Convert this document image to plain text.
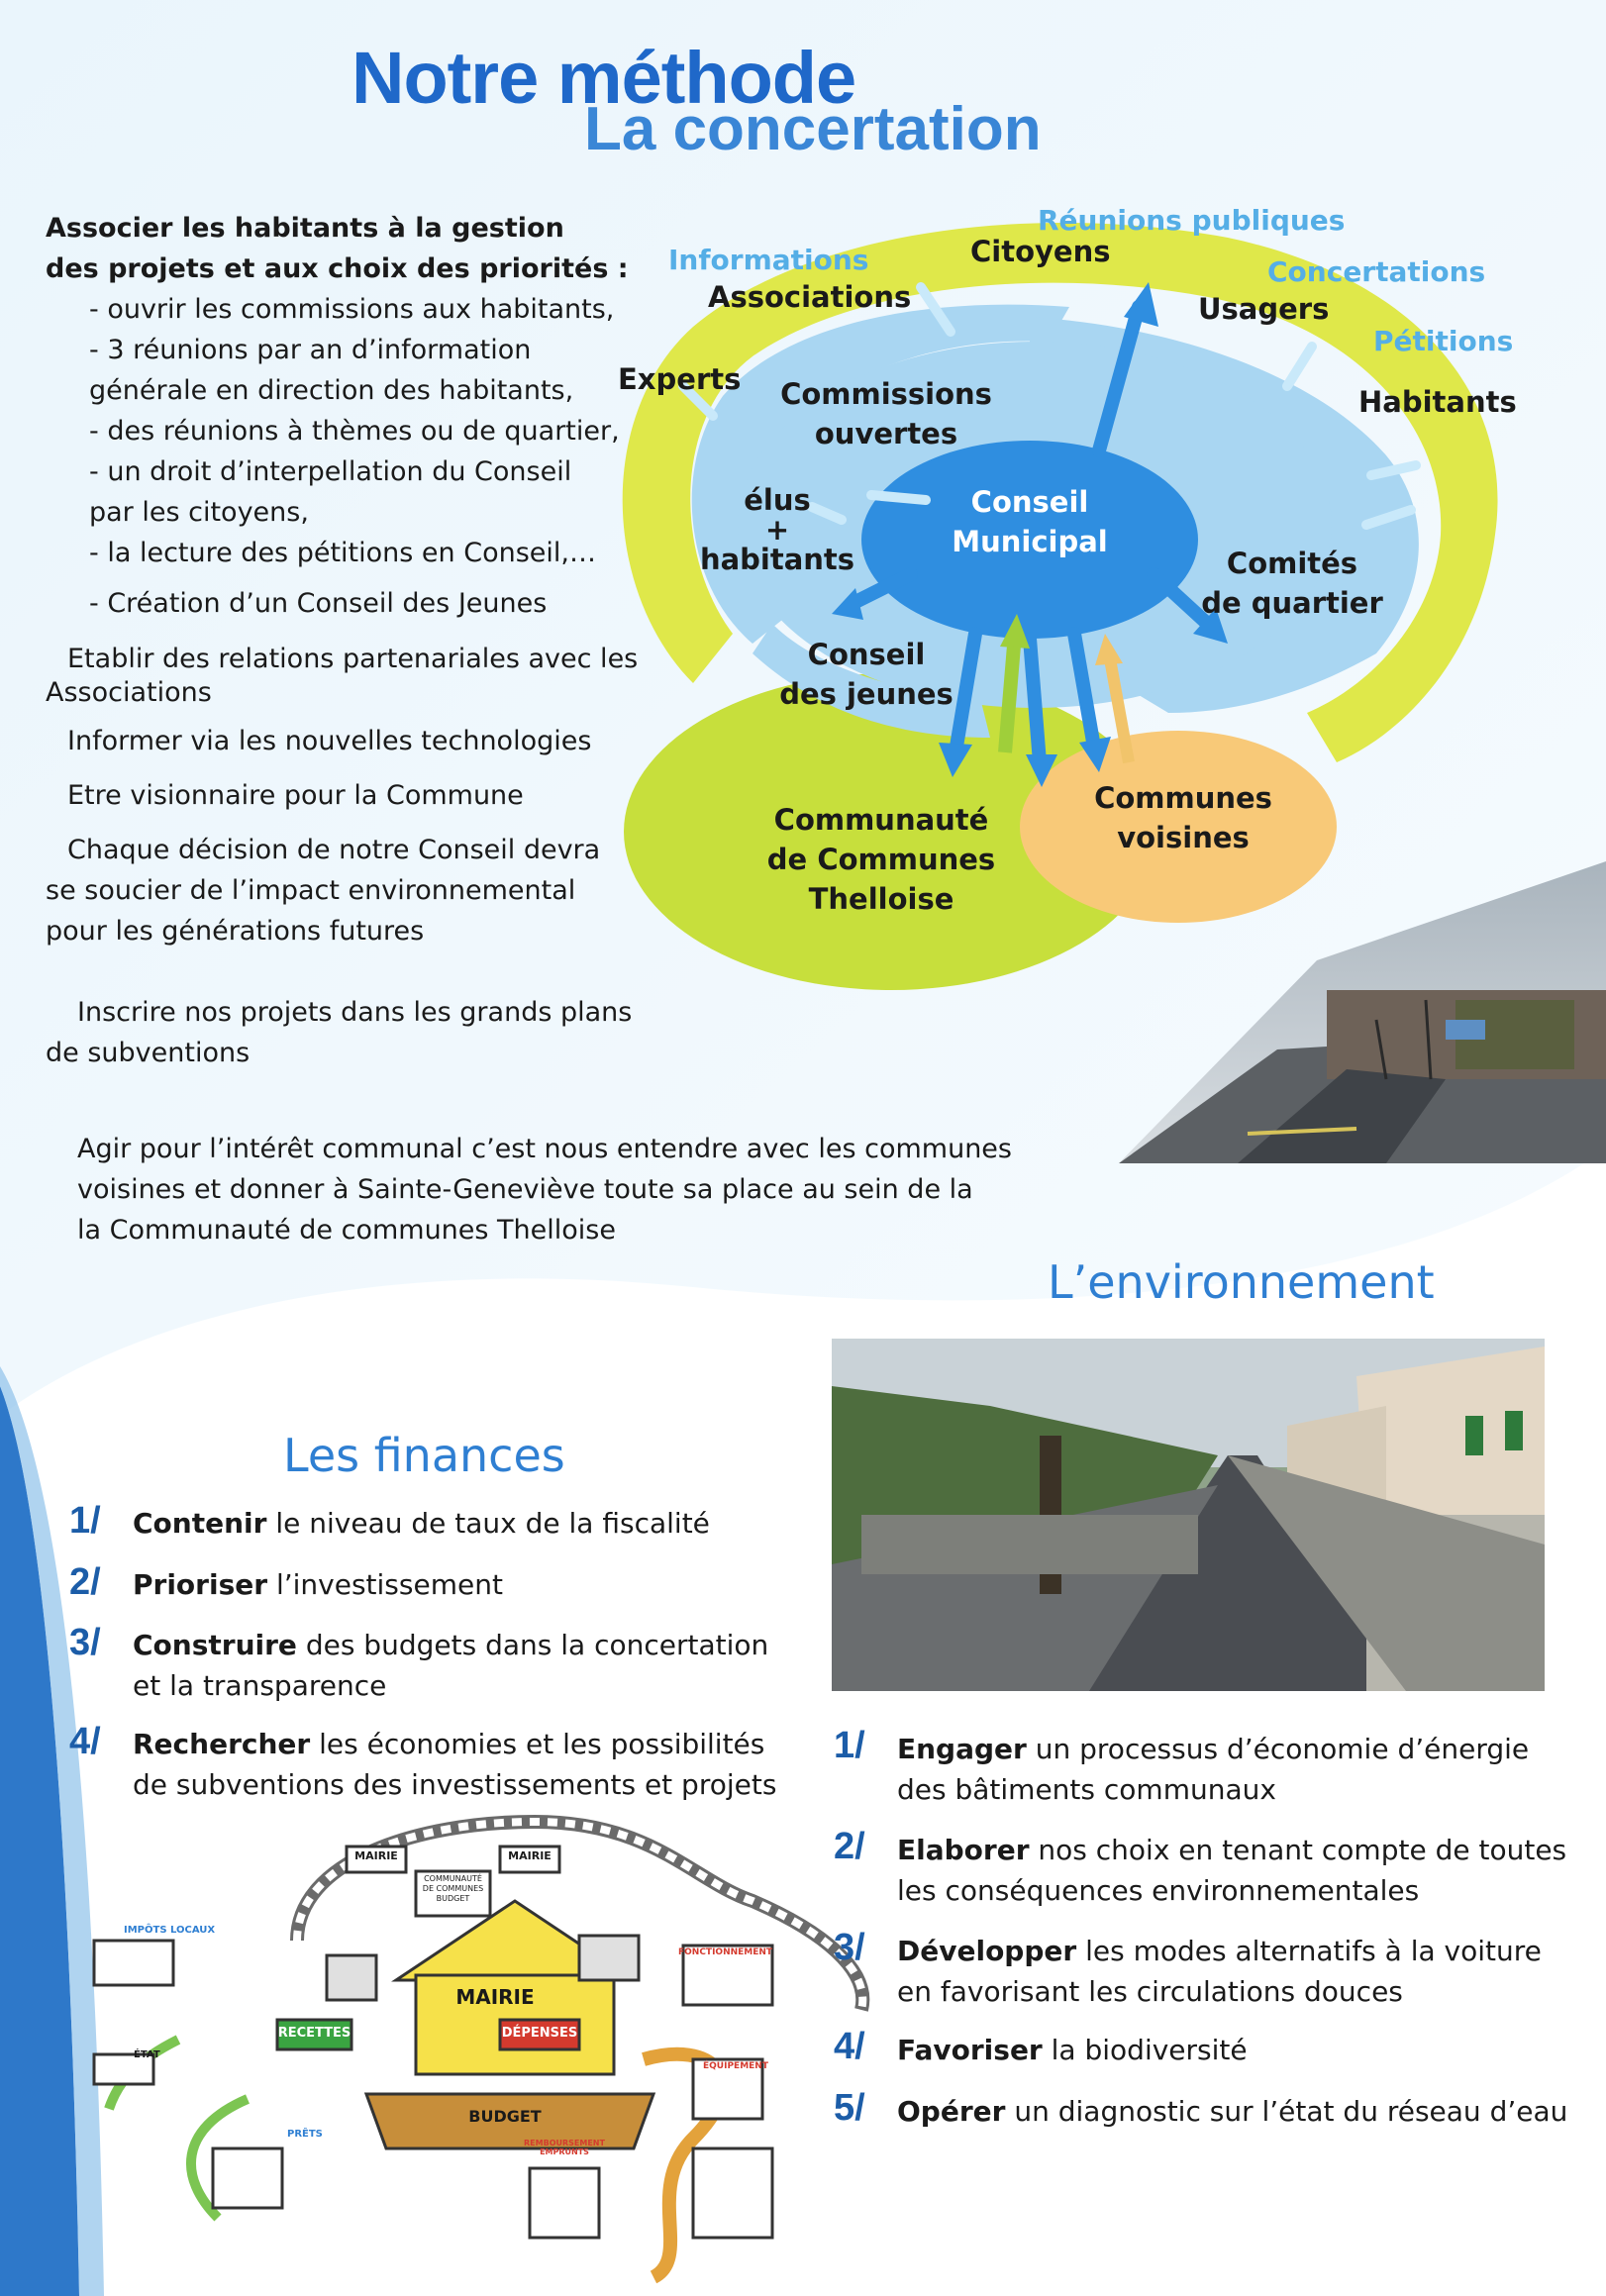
Notre méthode
La concertation
Associer les habitants à la gestion
des projets et aux choix des priorités :
- ouvrir les commissions aux habitants,
- 3 réunions par an d’information
générale en direction des habitants,
- des réunions à thèmes ou de quartier,
- un droit d’interpellation du Conseil
par les citoyens,
- la lecture des pétitions en Conseil,…
- Création d’un Conseil des Jeunes
Etablir des relations partenariales avec les
Associations
Informer via les nouvelles technologies
Etre visionnaire pour la Commune
Chaque décision de notre Conseil devra
se soucier de l’impact environnemental
pour les générations futures
Inscrire nos projets dans les grands plans
de subventions
Agir pour l’intérêt communal c’est nous entendre avec les communes
voisines et donner à Sainte-Geneviève toute sa place au sein de la
la Communauté de communes Thelloise
Conseil
Municipal
Commissions
ouvertes
élus
+
habitants
Conseil
des jeunes
Comités
de quartier
Communauté
de Communes
Thelloise
Communes
voisines
Experts
Associations
Citoyens
Usagers
Habitants
Informations
Réunions publiques
Concertations
Pétitions
L’environnement
Les finances
1/ Contenir le niveau de taux de la fiscalité

2/ Prioriser l’investissement

3/ Construire des budgets dans la concertation
et la transparence
4/ Rechercher les économies et les possibilités
de subventions des investissements et projets
MAIRIE	MAIRIE
COMMUNAUTÉ
DE COMMUNES
BUDGET
MAIRIE
RECETTES	DÉPENSES
BUDGET
IMPÔTS LOCAUX
ÉTAT
PRÊTS
FONCTIONNEMENT
ÉQUIPEMENT
REMBOURSEMENT EMPRUNTS
1/ Engager un processus d’économie d’énergie
des bâtiments communaux
2/ Elaborer nos choix en tenant compte de toutes
les conséquences environnementales
3/ Développer les modes alternatifs à la voiture
en favorisant les circulations douces
4/ Favoriser la biodiversité

5/ Opérer un diagnostic sur l’état du réseau d’eau
